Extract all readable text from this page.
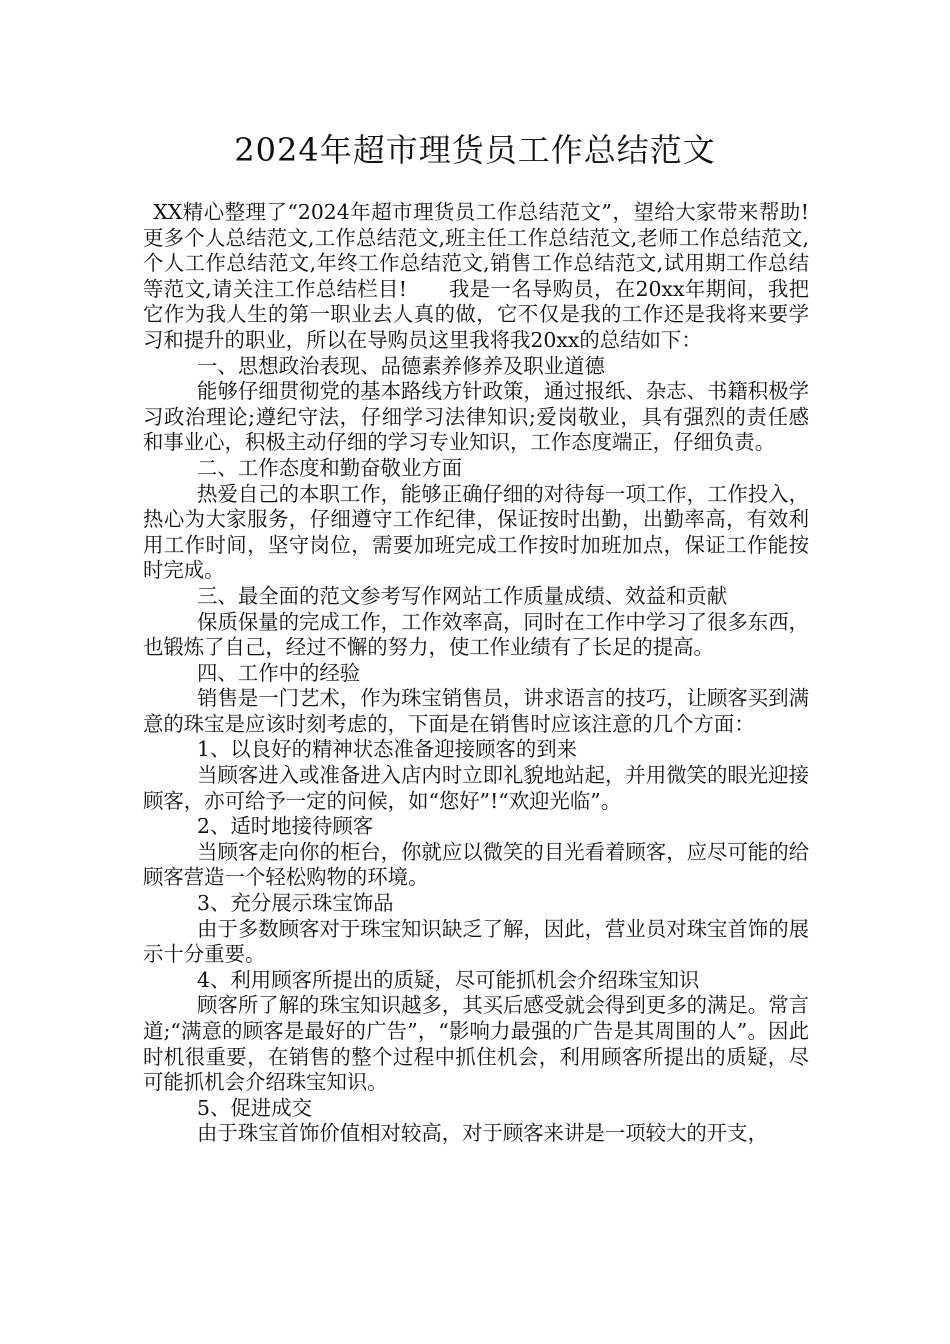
2024年超市理货员工作总结范文

XX精心整理了“2024年超市理货员工作总结范文”，望给大家带来帮助!更多个人总结范文,工作总结范文,班主任工作总结范文,老师工作总结范文,个人工作总结范文,年终工作总结范文,销售工作总结范文,试用期工作总结等范文,请关注工作总结栏目!　　我是一名导购员，在20xx年期间，我把它作为我人生的第一职业去人真的做，它不仅是我的工作还是我将来要学习和提升的职业，所以在导购员这里我将我20xx的总结如下：

一、思想政治表现、品德素养修养及职业道德

能够仔细贯彻党的基本路线方针政策，通过报纸、杂志、书籍积极学习政治理论;遵纪守法，仔细学习法律知识;爱岗敬业，具有强烈的责任感和事业心，积极主动仔细的学习专业知识，工作态度端正，仔细负责。

二、工作态度和勤奋敬业方面

热爱自己的本职工作，能够正确仔细的对待每一项工作，工作投入，热心为大家服务，仔细遵守工作纪律，保证按时出勤，出勤率高，有效利用工作时间，坚守岗位，需要加班完成工作按时加班加点，保证工作能按时完成。

三、最全面的范文参考写作网站工作质量成绩、效益和贡献

保质保量的完成工作，工作效率高，同时在工作中学习了很多东西，也锻炼了自己，经过不懈的努力，使工作业绩有了长足的提高。

四、工作中的经验

销售是一门艺术，作为珠宝销售员，讲求语言的技巧，让顾客买到满意的珠宝是应该时刻考虑的，下面是在销售时应该注意的几个方面：

1、以良好的精神状态准备迎接顾客的到来

当顾客进入或准备进入店内时立即礼貌地站起，并用微笑的眼光迎接顾客，亦可给予一定的问候，如“您好”!“欢迎光临”。

2、适时地接待顾客

当顾客走向你的柜台，你就应以微笑的目光看着顾客，应尽可能的给顾客营造一个轻松购物的环境。

3、充分展示珠宝饰品

由于多数顾客对于珠宝知识缺乏了解，因此，营业员对珠宝首饰的展示十分重要。

4、利用顾客所提出的质疑，尽可能抓机会介绍珠宝知识

顾客所了解的珠宝知识越多，其买后感受就会得到更多的满足。常言道;“满意的顾客是最好的广告”，“影响力最强的广告是其周围的人”。因此时机很重要，在销售的整个过程中抓住机会，利用顾客所提出的质疑，尽可能抓机会介绍珠宝知识。

5、促进成交

由于珠宝首饰价值相对较高，对于顾客来讲是一项较大的开支，
